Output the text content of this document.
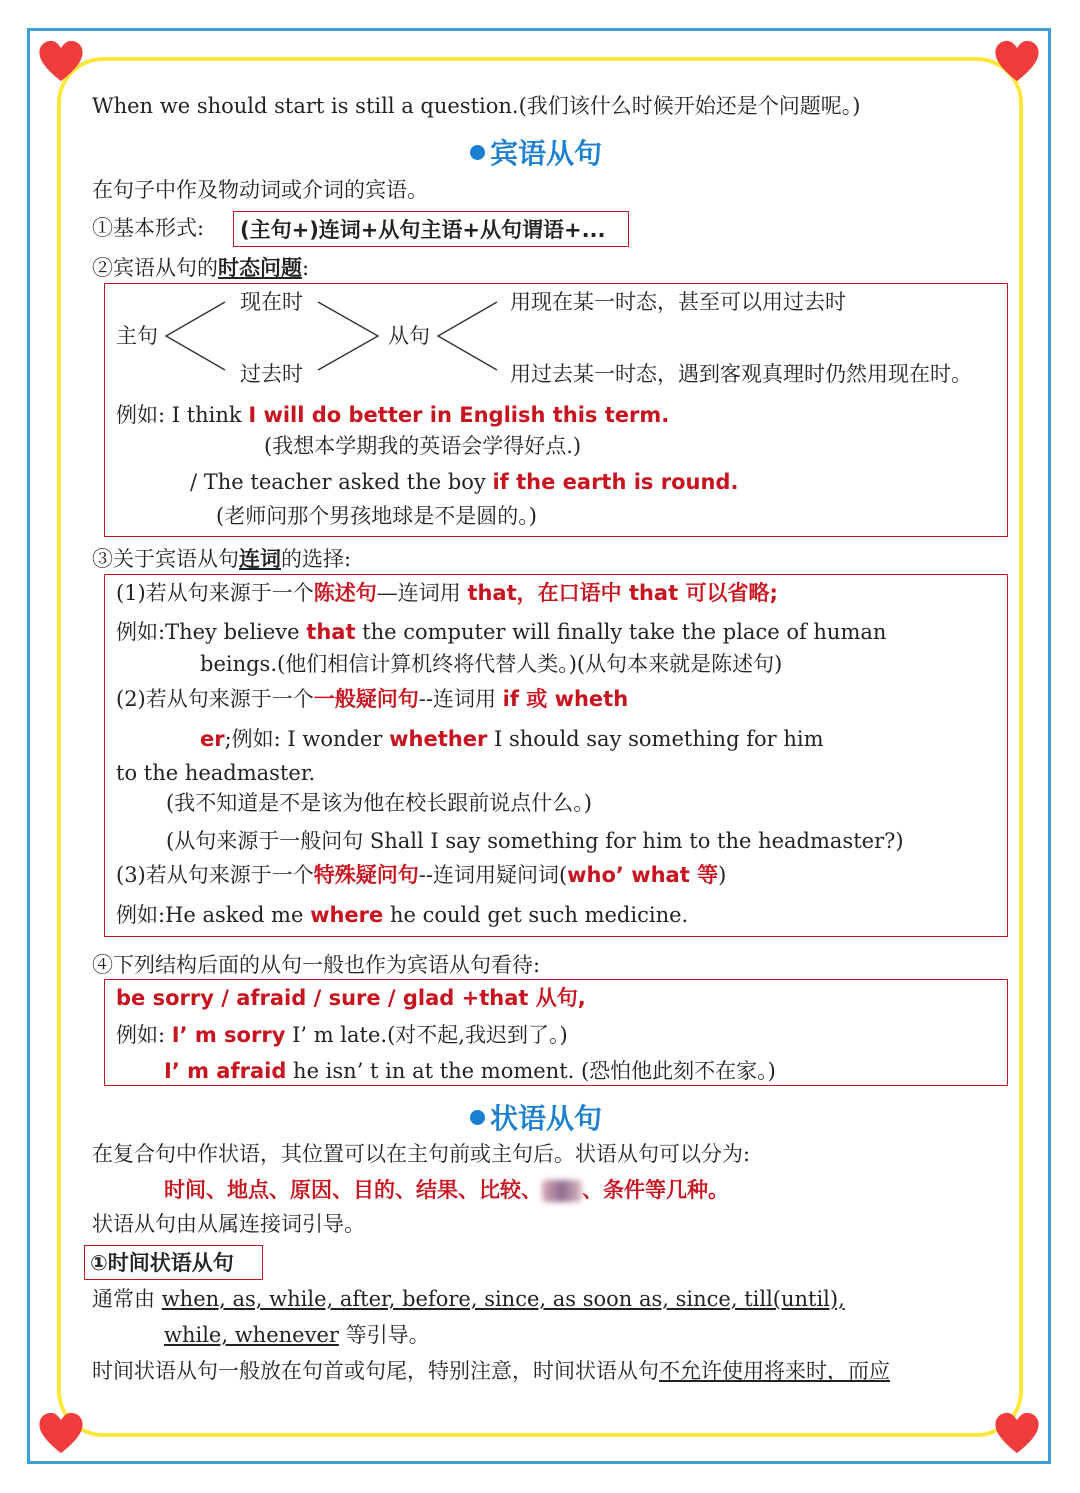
When we should start is still a question.(我们该什么时候开始还是个问题呢。)
宾语从句
在句子中作及物动词或介词的宾语。
①基本形式: (主句+)连词+从句主语+从句谓语+...
②宾语从句的时态问题:
主句
现在时
过去时
从句
用现在某一时态，甚至可以用过去时
用过去某一时态，遇到客观真理时仍然用现在时。
例如: I think I will do better in English this term.
(我想本学期我的英语会学得好点.)
/ The teacher asked the boy if the earth is round.
(老师问那个男孩地球是不是圆的。)
③关于宾语从句连词的选择:
(1)若从句来源于一个陈述句—连词用 that，在口语中 that 可以省略;
例如:They believe that the computer will finally take the place of human
beings.(他们相信计算机终将代替人类。)(从句本来就是陈述句)
(2)若从句来源于一个一般疑问句--连词用 if 或 wheth
er;例如: I wonder whether I should say something for him
to the headmaster.
(我不知道是不是该为他在校长跟前说点什么。)
(从句来源于一般问句 Shall I say something for him to the headmaster?)
(3)若从句来源于一个特殊疑问句--连词用疑问词(who’ what 等)
例如:He asked me where he could get such medicine.
④下列结构后面的从句一般也作为宾语从句看待:
be sorry / afraid / sure / glad +that 从句,
例如: I’ m sorry I’ m late.(对不起,我迟到了。)
I’ m afraid he isn’ t in at the moment. (恐怕他此刻不在家。)
状语从句
在复合句中作状语，其位置可以在主句前或主句后。状语从句可以分为:
时间、地点、原因、目的、结果、比较、 、条件等几种。
状语从句由从属连接词引导。
①时间状语从句
通常由 when, as, while, after, before, since, as soon as, since, till(until),
while, whenever 等引导。
时间状语从句一般放在句首或句尾，特别注意，时间状语从句不允许使用将来时，而应
